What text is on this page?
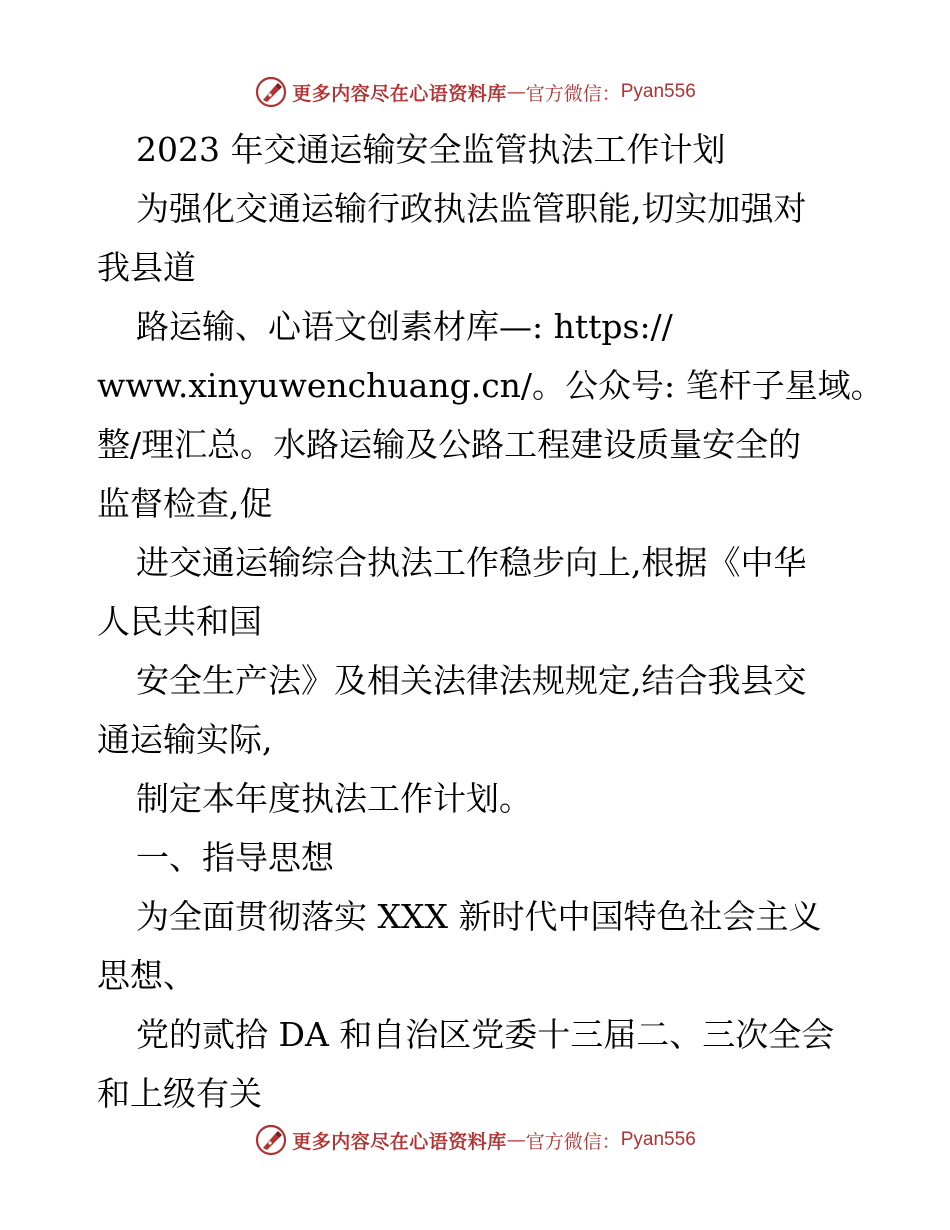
更多内容尽在心语资料库 — 官方微信： Pyan556
2023 年交通运输安全监管执法工作计划
为强化交通运输行政执法监管职能,切实加强对
我县道
路运输、心语文创素材库—: https://
www.xinyuwenchuang.cn/。公众号: 笔杆子星域。
整/理汇总。水路运输及公路工程建设质量安全的
监督检查,促
进交通运输综合执法工作稳步向上,根据《中华
人民共和国
安全生产法》及相关法律法规规定,结合我县交
通运输实际,
制定本年度执法工作计划。
一、指导思想
为全面贯彻落实 XXX 新时代中国特色社会主义
思想、
党的贰拾 DA 和自治区党委十三届二、三次全会
和上级有关
更多内容尽在心语资料库 — 官方微信： Pyan556
